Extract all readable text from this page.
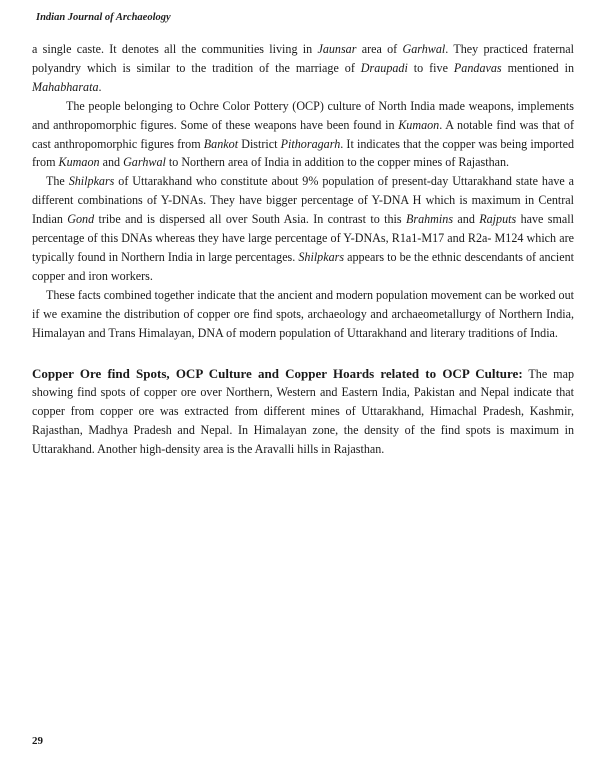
Indian Journal of Archaeology

a single caste. It denotes all the communities living in Jaunsar area of Garhwal. They practiced fraternal polyandry which is similar to the tradition of the marriage of Draupadi to five Pandavas mentioned in Mahabharata.

The people belonging to Ochre Color Pottery (OCP) culture of North India made weapons, implements and anthropomorphic figures. Some of these weapons have been found in Kumaon. A notable find was that of cast anthropomorphic figures from Bankot District Pithoragarh. It indicates that the copper was being imported from Kumaon and Garhwal to Northern area of India in addition to the copper mines of Rajasthan.

The Shilpkars of Uttarakhand who constitute about 9% population of present-day Uttarakhand state have a different combinations of Y-DNAs. They have bigger percentage of Y-DNA H which is maximum in Central Indian Gond tribe and is dispersed all over South Asia. In contrast to this Brahmins and Rajputs have small percentage of this DNAs whereas they have large percentage of Y-DNAs, R1a1-M17 and R2a- M124 which are typically found in Northern India in large percentages. Shilpkars appears to be the ethnic descendants of ancient copper and iron workers.

These facts combined together indicate that the ancient and modern population movement can be worked out if we examine the distribution of copper ore find spots, archaeology and archaeometallurgy of Northern India, Himalayan and Trans Himalayan, DNA of modern population of Uttarakhand and literary traditions of India.

Copper Ore find Spots, OCP Culture and Copper Hoards related to OCP Culture: The map showing find spots of copper ore over Northern, Western and Eastern India, Pakistan and Nepal indicate that copper from copper ore was extracted from different mines of Uttarakhand, Himachal Pradesh, Kashmir, Rajasthan, Madhya Pradesh and Nepal. In Himalayan zone, the density of the find spots is maximum in Uttarakhand. Another high-density area is the Aravalli hills in Rajasthan.

29
